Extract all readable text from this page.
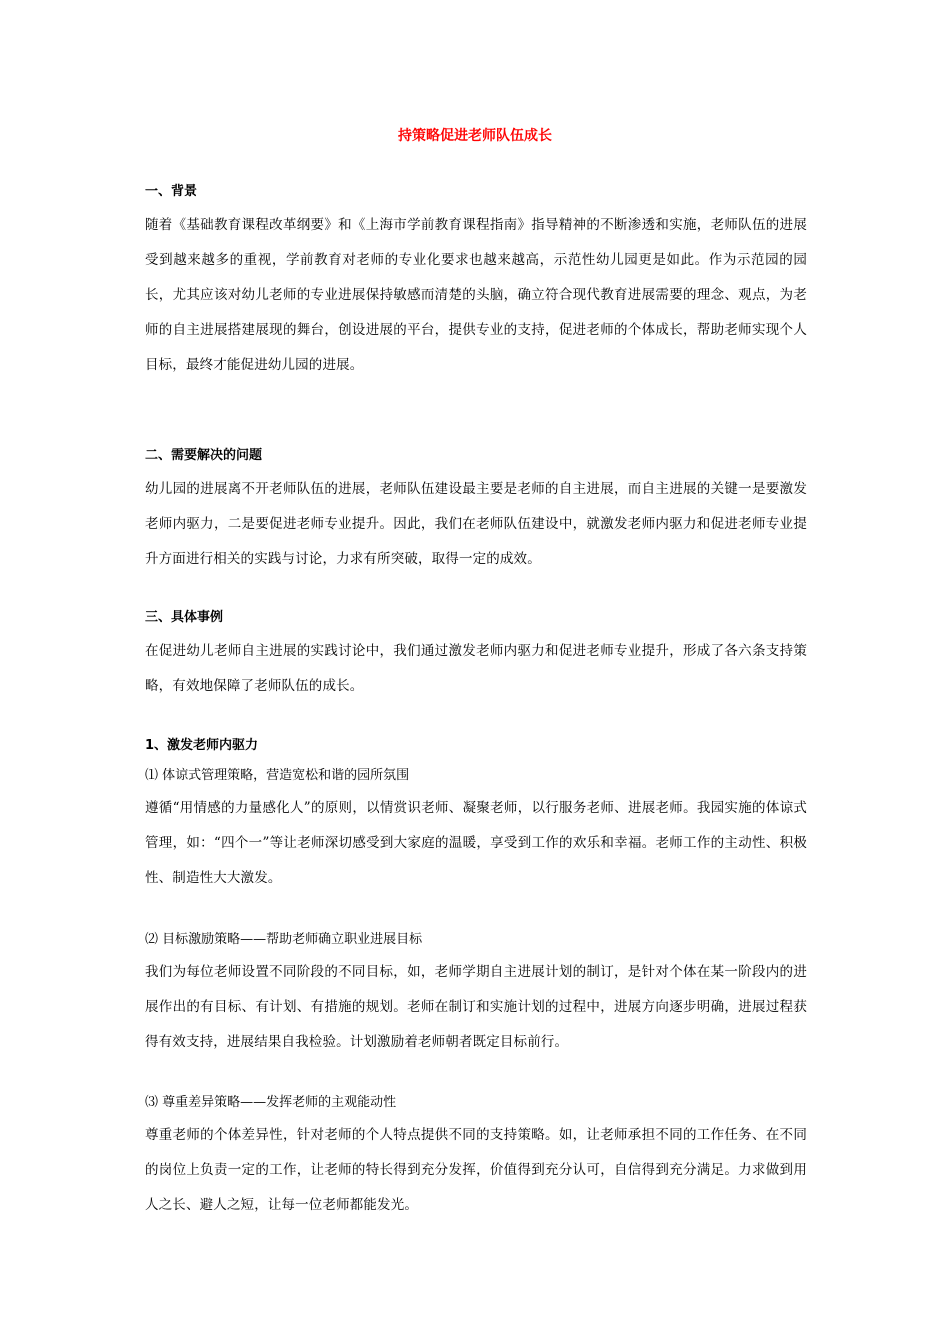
持策略促进老师队伍成长

一、背景

随着《基础教育课程改革纲要》和《上海市学前教育课程指南》指导精神的不断渗透和实施，老师队伍的进展受到越来越多的重视，学前教育对老师的专业化要求也越来越高，示范性幼儿园更是如此。作为示范园的园长，尤其应该对幼儿老师的专业进展保持敏感而清楚的头脑，确立符合现代教育进展需要的理念、观点，为老师的自主进展搭建展现的舞台，创设进展的平台，提供专业的支持，促进老师的个体成长，帮助老师实现个人目标，最终才能促进幼儿园的进展。

二、需要解决的问题

幼儿园的进展离不开老师队伍的进展，老师队伍建设最主要是老师的自主进展，而自主进展的关键一是要激发老师内驱力，二是要促进老师专业提升。因此，我们在老师队伍建设中，就激发老师内驱力和促进老师专业提升方面进行相关的实践与讨论，力求有所突破，取得一定的成效。

三、具体事例

在促进幼儿老师自主进展的实践讨论中，我们通过激发老师内驱力和促进老师专业提升，形成了各六条支持策略，有效地保障了老师队伍的成长。

1、激发老师内驱力

⑴ 体谅式管理策略，营造宽松和谐的园所氛围

遵循“用情感的力量感化人”的原则，以情赏识老师、凝聚老师，以行服务老师、进展老师。我园实施的体谅式管理，如：“四个一”等让老师深切感受到大家庭的温暖，享受到工作的欢乐和幸福。老师工作的主动性、积极性、制造性大大激发。

⑵ 目标激励策略——帮助老师确立职业进展目标

我们为每位老师设置不同阶段的不同目标，如，老师学期自主进展计划的制订，是针对个体在某一阶段内的进展作出的有目标、有计划、有措施的规划。老师在制订和实施计划的过程中，进展方向逐步明确，进展过程获得有效支持，进展结果自我检验。计划激励着老师朝者既定目标前行。

⑶ 尊重差异策略——发挥老师的主观能动性

尊重老师的个体差异性，针对老师的个人特点提供不同的支持策略。如，让老师承担不同的工作任务、在不同的岗位上负责一定的工作，让老师的特长得到充分发挥，价值得到充分认可，自信得到充分满足。力求做到用人之长、避人之短，让每一位老师都能发光。
